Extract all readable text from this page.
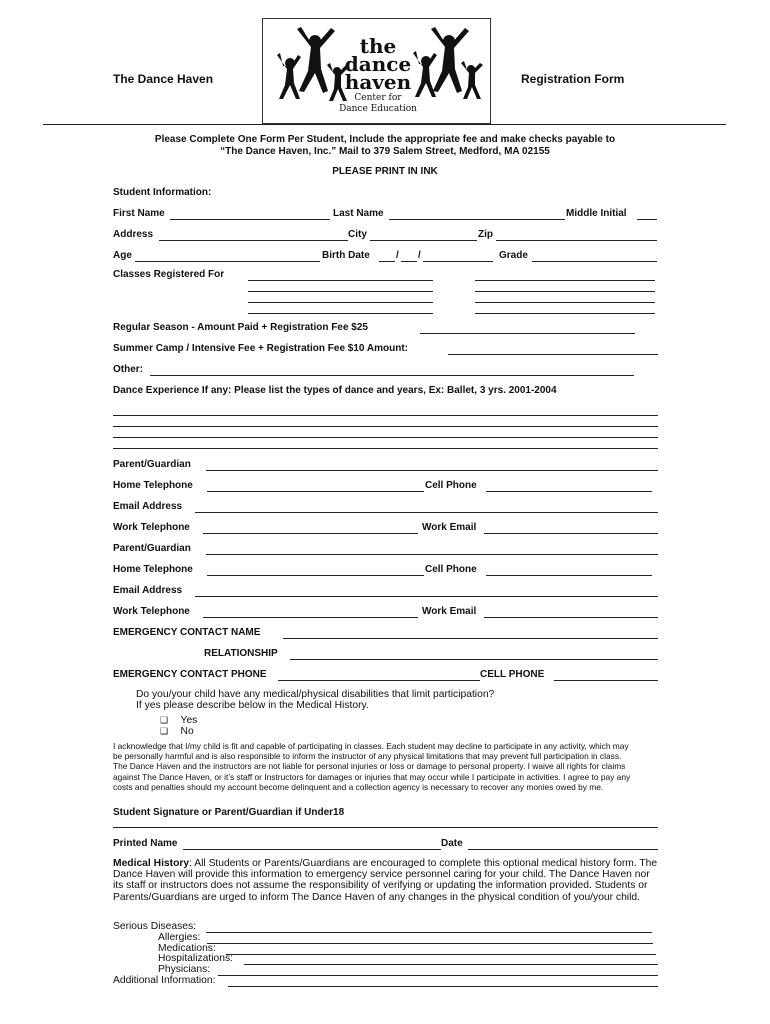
The Dance Haven	Registration Form
the
dance
haven
Center for
Dance Education
Please Complete One Form Per Student, Include the appropriate fee and make checks payable to
“The Dance Haven, Inc.” Mail to 379 Salem Street, Medford, MA 02155
PLEASE PRINT IN INK
Student Information:
First Name	Last Name	Middle Initial
Address	City	Zip
Age	Birth Date	/ /	Grade
Classes Registered For
Regular Season - Amount Paid + Registration Fee $25
Summer Camp / Intensive Fee + Registration Fee $10 Amount:
Other:
Dance Experience If any: Please list the types of dance and years, Ex: Ballet, 3 yrs. 2001-2004
Parent/Guardian
Home Telephone	Cell Phone
Email Address
Work Telephone	Work Email
Parent/Guardian
Home Telephone	Cell Phone
Email Address
Work Telephone	Work Email
EMERGENCY CONTACT NAME
RELATIONSHIP
EMERGENCY CONTACT PHONE	CELL PHONE
Do you/your child have any medical/physical disabilities that limit participation?
If yes please describe below in the Medical History.
❏ Yes
❏ No
I acknowledge that I/my child is fit and capable of participating in classes. Each student may decline to participate in any activity, which may be personally harmful and is also responsible to inform the instructor of any physical limitations that may prevent full participation in class. The Dance Haven and the instructors are not liable for personal injuries or loss or damage to personal property. I waive all rights for claims against The Dance Haven, or it’s staff or Instructors for damages or injuries that may occur while I participate in activities. I agree to pay any costs and penalties should my account become delinquent and a collection agency is necessary to recover any monies owed by me.
Student Signature or Parent/Guardian if Under18
Printed Name	Date
Medical History: All Students or Parents/Guardians are encouraged to complete this optional medical history form. The Dance Haven will provide this information to emergency service personnel caring for your child. The Dance Haven nor its staff or instructors does not assume the responsibility of verifying or updating the information provided. Students or Parents/Guardians are urged to inform The Dance Haven of any changes in the physical condition of you/your child.
Serious Diseases:
Allergies:
Medications:
Hospitalizations:
Physicians:
Additional Information:
